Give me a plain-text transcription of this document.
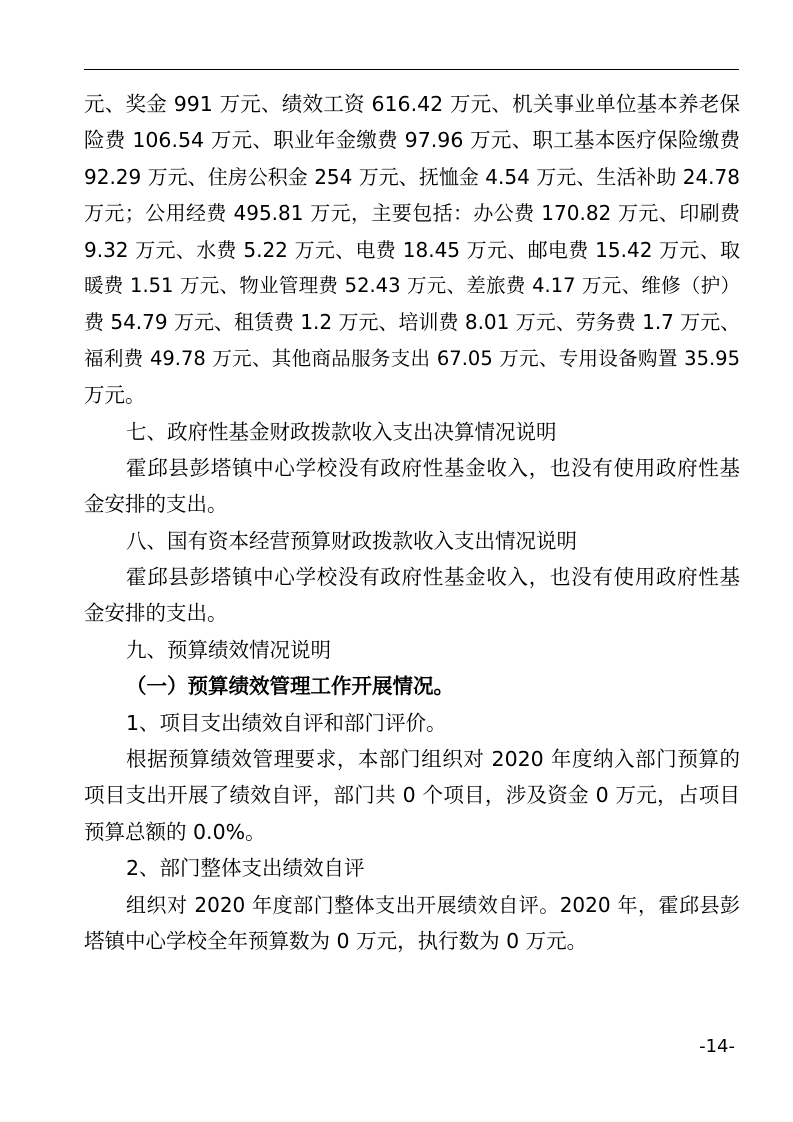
元、奖金 991 万元、绩效工资 616.42 万元、机关事业单位基本养老保
险费 106.54 万元、职业年金缴费 97.96 万元、职工基本医疗保险缴费
92.29 万元、住房公积金 254 万元、抚恤金 4.54 万元、生活补助 24.78
万元；公用经费 495.81 万元，主要包括：办公费 170.82 万元、印刷费
9.32 万元、水费 5.22 万元、电费 18.45 万元、邮电费 15.42 万元、取
暖费 1.51 万元、物业管理费 52.43 万元、差旅费 4.17 万元、维修（护）
费 54.79 万元、租赁费 1.2 万元、培训费 8.01 万元、劳务费 1.7 万元、
福利费 49.78 万元、其他商品服务支出 67.05 万元、专用设备购置 35.95
万元。
七、政府性基金财政拨款收入支出决算情况说明
霍邱县彭塔镇中心学校没有政府性基金收入，也没有使用政府性基
金安排的支出。
八、国有资本经营预算财政拨款收入支出情况说明
霍邱县彭塔镇中心学校没有政府性基金收入，也没有使用政府性基
金安排的支出。
九、预算绩效情况说明
（一）预算绩效管理工作开展情况。
1、项目支出绩效自评和部门评价。
根据预算绩效管理要求，本部门组织对 2020 年度纳入部门预算的
项目支出开展了绩效自评，部门共 0 个项目，涉及资金 0 万元，占项目
预算总额的 0.0%。
2、部门整体支出绩效自评
组织对 2020 年度部门整体支出开展绩效自评。2020 年，霍邱县彭
塔镇中心学校全年预算数为 0 万元，执行数为 0 万元。
-14-
